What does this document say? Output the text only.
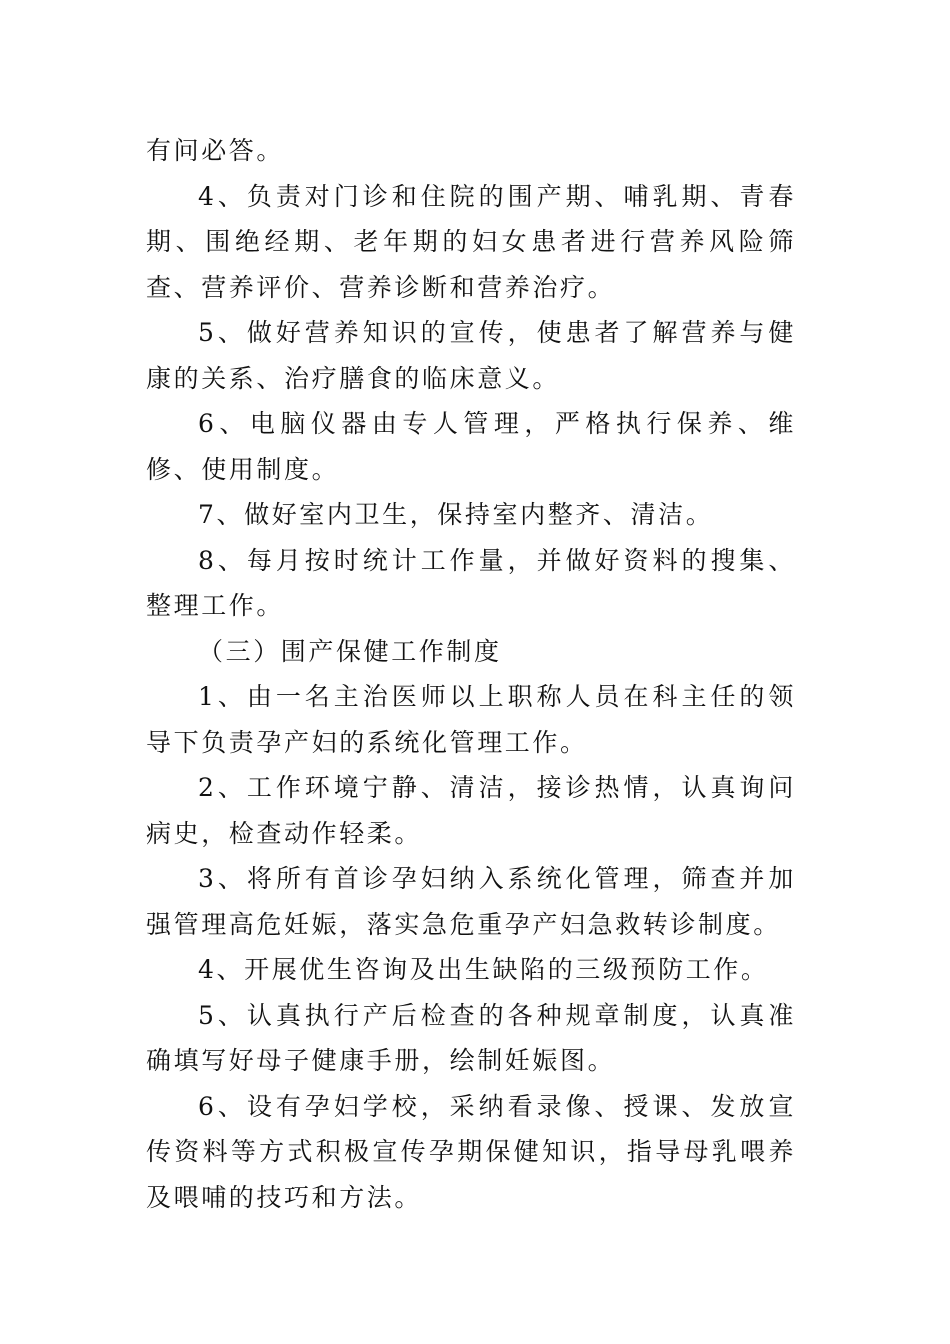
有问必答。

4、负责对门诊和住院的围产期、哺乳期、青春期、围绝经期、老年期的妇女患者进行营养风险筛查、营养评价、营养诊断和营养治疗。

5、做好营养知识的宣传，使患者了解营养与健康的关系、治疗膳食的临床意义。

6、电脑仪器由专人管理，严格执行保养、维修、使用制度。

7、做好室内卫生，保持室内整齐、清洁。

8、每月按时统计工作量，并做好资料的搜集、整理工作。

（三）围产保健工作制度

1、由一名主治医师以上职称人员在科主任的领导下负责孕产妇的系统化管理工作。

2、工作环境宁静、清洁，接诊热情，认真询问病史，检查动作轻柔。

3、将所有首诊孕妇纳入系统化管理，筛查并加强管理高危妊娠，落实急危重孕产妇急救转诊制度。

4、开展优生咨询及出生缺陷的三级预防工作。

5、认真执行产后检查的各种规章制度，认真准确填写好母子健康手册，绘制妊娠图。

6、设有孕妇学校，采纳看录像、授课、发放宣传资料等方式积极宣传孕期保健知识，指导母乳喂养及喂哺的技巧和方法。
